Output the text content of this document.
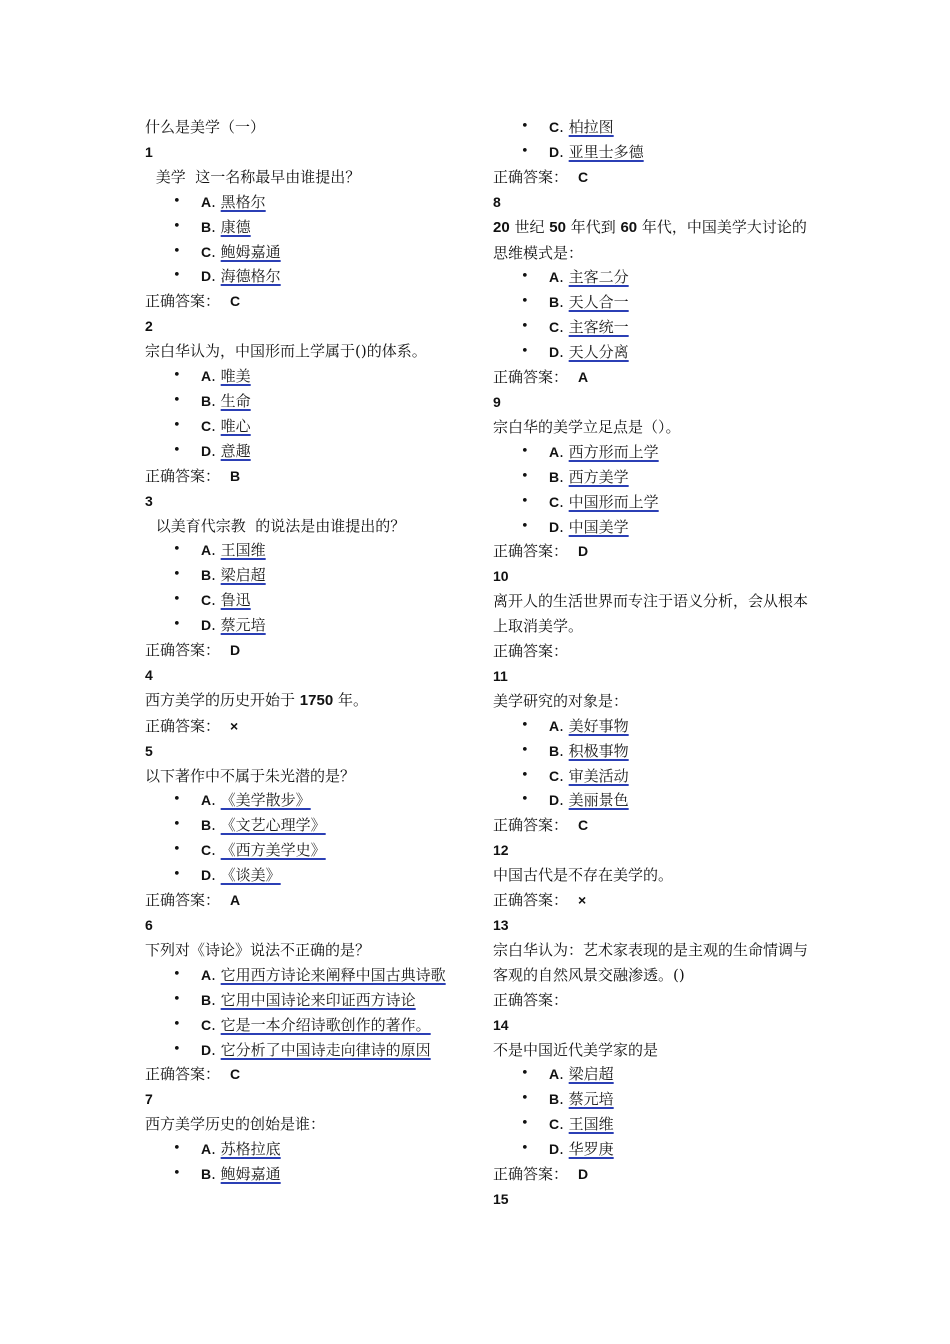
什么是美学（一）

1

美学  这一名称最早由谁提出？

• A. 黑格尔
• B. 康德
• C. 鲍姆嘉通
• D. 海德格尔

正确答案： C

2

宗白华认为，中国形而上学属于()的体系。

• A. 唯美
• B. 生命
• C. 唯心
• D. 意趣

正确答案： B

3

以美育代宗教  的说法是由谁提出的？

• A. 王国维
• B. 梁启超
• C. 鲁迅
• D. 蔡元培

正确答案： D

4

西方美学的历史开始于 1750 年。

正确答案： ×

5

以下著作中不属于朱光潜的是？

• A. 《美学散步》
• B. 《文艺心理学》
• C. 《西方美学史》
• D. 《谈美》

正确答案： A

6

下列对《诗论》说法不正确的是？

• A. 它用西方诗论来阐释中国古典诗歌
• B. 它用中国诗论来印证西方诗论
• C. 它是一本介绍诗歌创作的著作。
• D. 它分析了中国诗走向律诗的原因

正确答案： C

7

西方美学历史的创始是谁：

• A. 苏格拉底
• B. 鲍姆嘉通
• C. 柏拉图
• D. 亚里士多德

正确答案： C

8

20 世纪 50 年代到 60 年代，中国美学大讨论的思维模式是：

• A. 主客二分
• B. 天人合一
• C. 主客统一
• D. 天人分离

正确答案： A

9

宗白华的美学立足点是（）。

• A. 西方形而上学
• B. 西方美学
• C. 中国形而上学
• D. 中国美学

正确答案： D

10

离开人的生活世界而专注于语义分析，会从根本上取消美学。

正确答案：

11

美学研究的对象是：

• A. 美好事物
• B. 积极事物
• C. 审美活动
• D. 美丽景色

正确答案： C

12

中国古代是不存在美学的。

正确答案： ×

13

宗白华认为：艺术家表现的是主观的生命情调与客观的自然风景交融渗透。()

正确答案：

14

不是中国近代美学家的是

• A. 梁启超
• B. 蔡元培
• C. 王国维
• D. 华罗庚

正确答案： D

15
